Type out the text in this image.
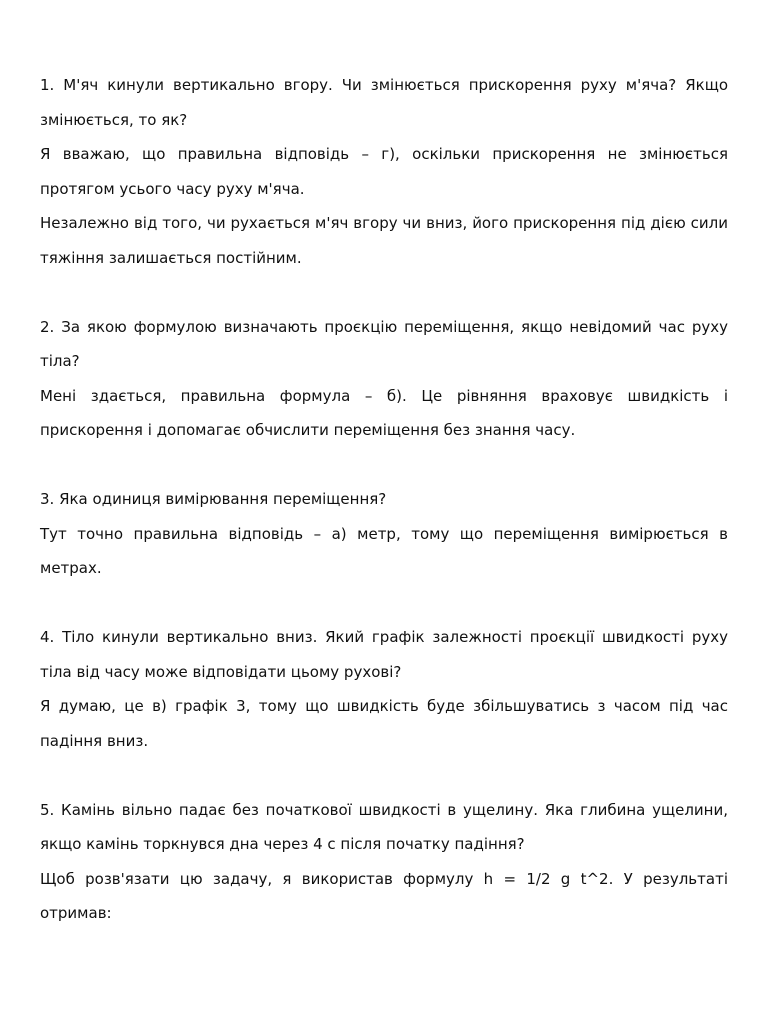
1. М'яч кинули вертикально вгору. Чи змінюється прискорення руху м'яча? Якщо змінюється, то як?

Я вважаю, що правильна відповідь – г), оскільки прискорення не змінюється протягом усього часу руху м'яча.

Незалежно від того, чи рухається м'яч вгору чи вниз, його прискорення під дією сили тяжіння залишається постійним.

2. За якою формулою визначають проєкцію переміщення, якщо невідомий час руху тіла?

Мені здається, правильна формула – б). Це рівняння враховує швидкість і прискорення і допомагає обчислити переміщення без знання часу.

3. Яка одиниця вимірювання переміщення?

Тут точно правильна відповідь – а) метр, тому що переміщення вимірюється в метрах.

4. Тіло кинули вертикально вниз. Який графік залежності проєкції швидкості руху тіла від часу може відповідати цьому рухові?

Я думаю, це в) графік 3, тому що швидкість буде збільшуватись з часом під час падіння вниз.

5. Камінь вільно падає без початкової швидкості в ущелину. Яка глибина ущелини, якщо камінь торкнувся дна через 4 с після початку падіння?

Щоб розв'язати цю задачу, я використав формулу h = 1/2 g t^2. У результаті отримав:
